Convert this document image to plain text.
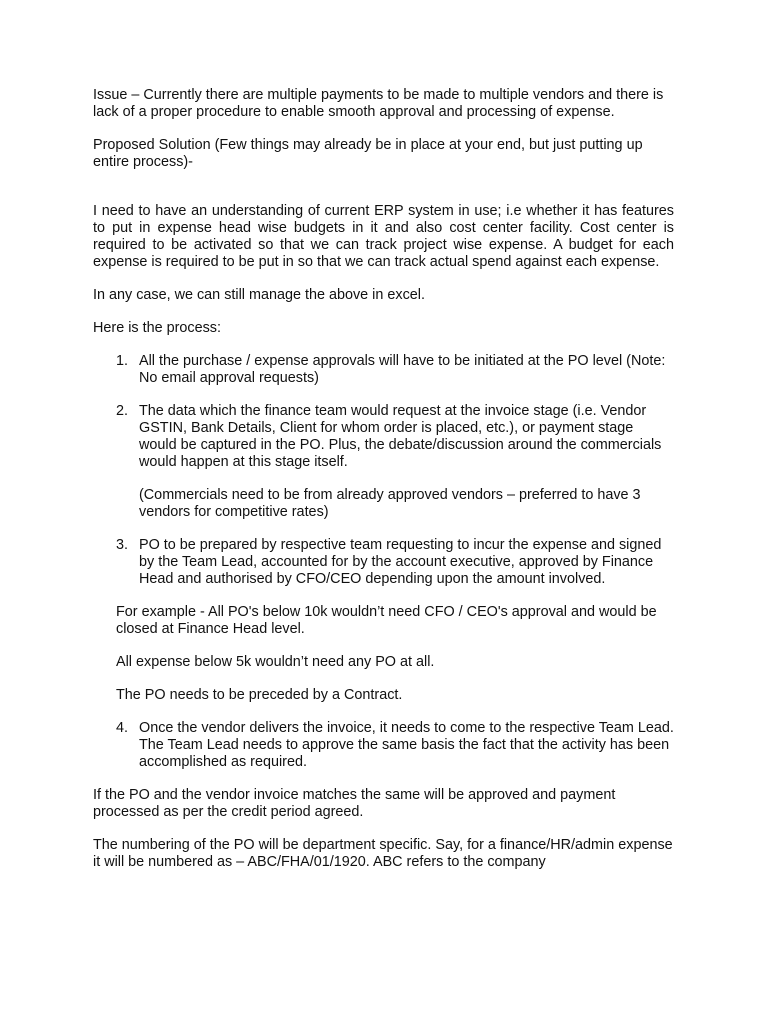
Issue – Currently there are multiple payments to be made to multiple vendors and there is lack of a proper procedure to enable smooth approval and processing of expense.

Proposed Solution (Few things may already be in place at your end, but just putting up entire process)-

I need to have an understanding of current ERP system in use; i.e whether it has features to put in expense head wise budgets in it and also cost center facility. Cost center is required to be activated so that we can track project wise expense. A budget for each expense is required to be put in so that we can track actual spend against each expense.

In any case, we can still manage the above in excel.

Here is the process:

1. All the purchase / expense approvals will have to be initiated at the PO level (Note: No email approval requests)

2. The data which the finance team would request at the invoice stage (i.e. Vendor GSTIN, Bank Details, Client for whom order is placed, etc.), or payment stage would be captured in the PO. Plus, the debate/discussion around the commercials would happen at this stage itself.

(Commercials need to be from already approved vendors – preferred to have 3 vendors for competitive rates)

3. PO to be prepared by respective team requesting to incur the expense and signed by the Team Lead, accounted for by the account executive, approved by Finance Head and authorised by CFO/CEO depending upon the amount involved.

For example - All PO's below 10k wouldn’t need CFO / CEO's approval and would be closed at Finance Head level.

All expense below 5k wouldn’t need any PO at all.

The PO needs to be preceded by a Contract.

4. Once the vendor delivers the invoice, it needs to come to the respective Team Lead. The Team Lead needs to approve the same basis the fact that the activity has been accomplished as required.

If the PO and the vendor invoice matches the same will be approved and payment processed as per the credit period agreed.

The numbering of the PO will be department specific. Say, for a finance/HR/admin expense it will be numbered as – ABC/FHA/01/1920. ABC refers to the company
